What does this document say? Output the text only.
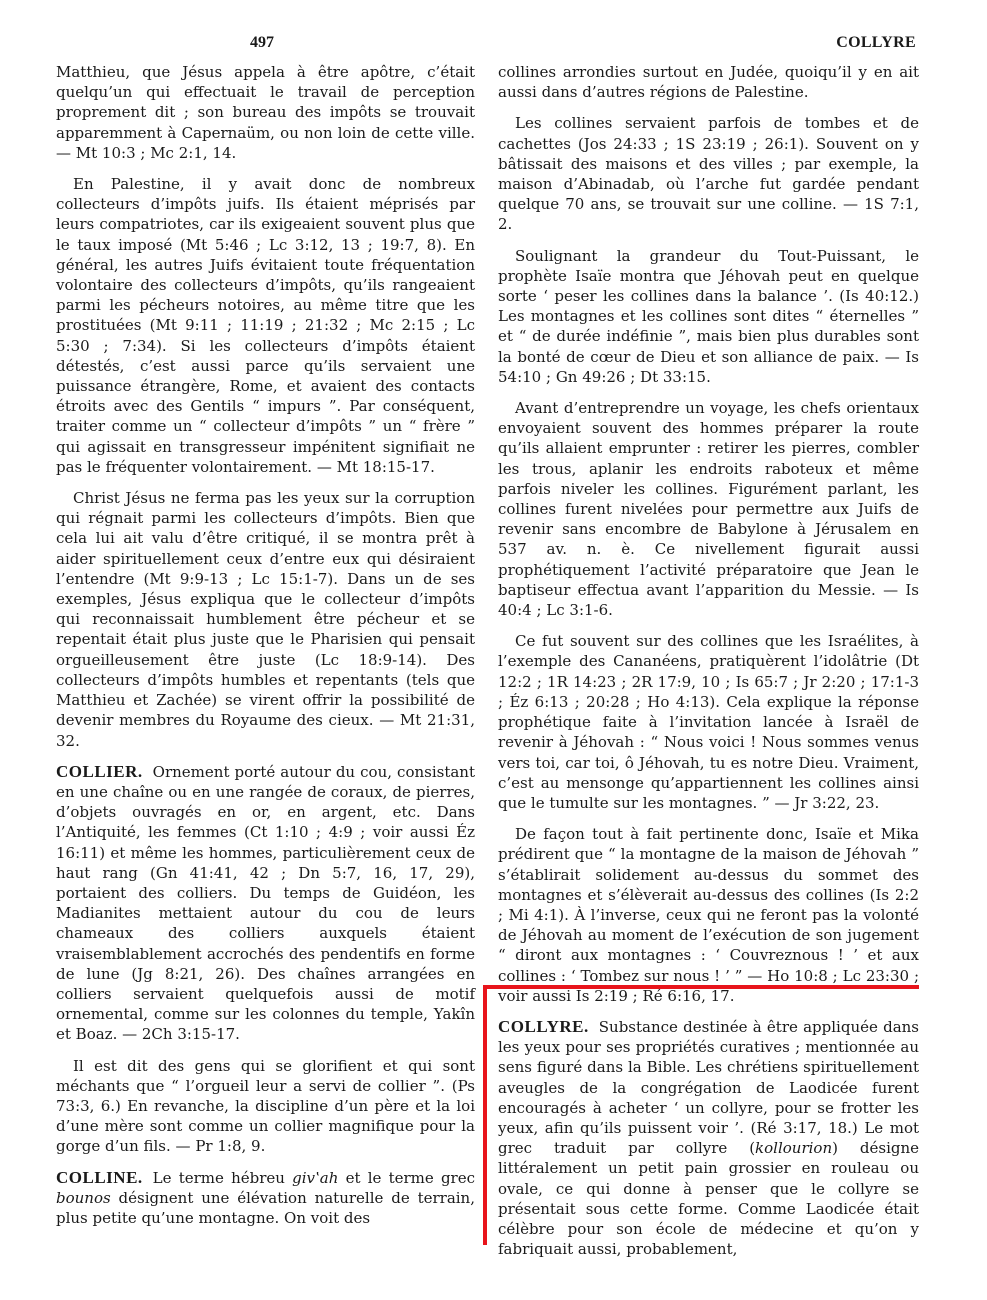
497	COLLYRE

Matthieu, que Jésus appela à être apôtre, c’était quelqu’un qui effectuait le travail de perception proprement dit ; son bureau des impôts se trouvait apparemment à Capernaüm, ou non loin de cette ville. — Mt 10:3 ; Mc 2:1, 14.

En Palestine, il y avait donc de nombreux collecteurs d’impôts juifs. Ils étaient méprisés par leurs compatriotes, car ils exigeaient souvent plus que le taux imposé (Mt 5:46 ; Lc 3:12, 13 ; 19:7, 8). En général, les autres Juifs évitaient toute fréquentation volontaire des collecteurs d’impôts, qu’ils rangeaient parmi les pécheurs notoires, au même titre que les prostituées (Mt 9:11 ; 11:19 ; 21:32 ; Mc 2:15 ; Lc 5:30 ; 7:34). Si les collecteurs d’impôts étaient détestés, c’est aussi parce qu’ils servaient une puissance étrangère, Rome, et avaient des contacts étroits avec des Gentils “ impurs ”. Par conséquent, traiter comme un “ collecteur d’impôts ” un “ frère ” qui agissait en transgresseur impénitent signifiait ne pas le fréquenter volontairement. — Mt 18:15-17.

Christ Jésus ne ferma pas les yeux sur la corruption qui régnait parmi les collecteurs d’impôts. Bien que cela lui ait valu d’être critiqué, il se montra prêt à aider spirituellement ceux d’entre eux qui désiraient l’entendre (Mt 9:9-13 ; Lc 15:1-7). Dans un de ses exemples, Jésus expliqua que le collecteur d’impôts qui reconnaissait humblement être pécheur et se repentait était plus juste que le Pharisien qui pensait orgueilleusement être juste (Lc 18:9-14). Des collecteurs d’impôts humbles et repentants (tels que Matthieu et Zachée) se virent offrir la possibilité de devenir membres du Royaume des cieux. — Mt 21:31, 32.

COLLIER. Ornement porté autour du cou, consistant en une chaîne ou en une rangée de coraux, de pierres, d’objets ouvragés en or, en argent, etc. Dans l’Antiquité, les femmes (Ct 1:10 ; 4:9 ; voir aussi Éz 16:11) et même les hommes, particulièrement ceux de haut rang (Gn 41:41, 42 ; Dn 5:7, 16, 17, 29), portaient des colliers. Du temps de Guidéon, les Madianites mettaient autour du cou de leurs chameaux des colliers auxquels étaient vraisemblablement accrochés des pendentifs en forme de lune (Jg 8:21, 26). Des chaînes arrangées en colliers servaient quelquefois aussi de motif ornemental, comme sur les colonnes du temple, Yakîn et Boaz. — 2Ch 3:15-17.

Il est dit des gens qui se glorifient et qui sont méchants que “ l’orgueil leur a servi de collier ”. (Ps 73:3, 6.) En revanche, la discipline d’un père et la loi d’une mère sont comme un collier magnifique pour la gorge d’un fils. — Pr 1:8, 9.

COLLINE. Le terme hébreu givʽah et le terme grec bounos désignent une élévation naturelle de terrain, plus petite qu’une montagne. On voit des

collines arrondies surtout en Judée, quoiqu’il y en ait aussi dans d’autres régions de Palestine.

Les collines servaient parfois de tombes et de cachettes (Jos 24:33 ; 1S 23:19 ; 26:1). Souvent on y bâtissait des maisons et des villes ; par exemple, la maison d’Abinadab, où l’arche fut gardée pendant quelque 70 ans, se trouvait sur une colline. — 1S 7:1, 2.

Soulignant la grandeur du Tout-Puissant, le prophète Isaïe montra que Jéhovah peut en quelque sorte ‘ peser les collines dans la balance ’. (Is 40:12.) Les montagnes et les collines sont dites “ éternelles ” et “ de durée indéfinie ”, mais bien plus durables sont la bonté de cœur de Dieu et son alliance de paix. — Is 54:10 ; Gn 49:26 ; Dt 33:15.

Avant d’entreprendre un voyage, les chefs orientaux envoyaient souvent des hommes préparer la route qu’ils allaient emprunter : retirer les pierres, combler les trous, aplanir les endroits raboteux et même parfois niveler les collines. Figurément parlant, les collines furent nivelées pour permettre aux Juifs de revenir sans encombre de Babylone à Jérusalem en 537 av. n. è. Ce nivellement figurait aussi prophétiquement l’activité préparatoire que Jean le baptiseur effectua avant l’apparition du Messie. — Is 40:4 ; Lc 3:1-6.

Ce fut souvent sur des collines que les Israélites, à l’exemple des Cananéens, pratiquèrent l’idolâtrie (Dt 12:2 ; 1R 14:23 ; 2R 17:9, 10 ; Is 65:7 ; Jr 2:20 ; 17:1-3 ; Éz 6:13 ; 20:28 ; Ho 4:13). Cela explique la réponse prophétique faite à l’invitation lancée à Israël de revenir à Jéhovah : “ Nous voici ! Nous sommes venus vers toi, car toi, ô Jéhovah, tu es notre Dieu. Vraiment, c’est au mensonge qu’appartiennent les collines ainsi que le tumulte sur les montagnes. ” — Jr 3:22, 23.

De façon tout à fait pertinente donc, Isaïe et Mika prédirent que “ la montagne de la maison de Jéhovah ” s’établirait solidement au-dessus du sommet des montagnes et s’élèverait au-dessus des collines (Is 2:2 ; Mi 4:1). À l’inverse, ceux qui ne feront pas la volonté de Jéhovah au moment de l’exécution de son jugement “ diront aux montagnes : ‘ Couvreznous ! ’ et aux collines : ‘ Tombez sur nous ! ’ ” — Ho 10:8 ; Lc 23:30 ; voir aussi Is 2:19 ; Ré 6:16, 17.

COLLYRE. Substance destinée à être appliquée dans les yeux pour ses propriétés curatives ; mentionnée au sens figuré dans la Bible. Les chrétiens spirituellement aveugles de la congrégation de Laodicée furent encouragés à acheter ‘ un collyre, pour se frotter les yeux, afin qu’ils puissent voir ’. (Ré 3:17, 18.) Le mot grec traduit par collyre (kollourion) désigne littéralement un petit pain grossier en rouleau ou ovale, ce qui donne à penser que le collyre se présentait sous cette forme. Comme Laodicée était célèbre pour son école de médecine et qu’on y fabriquait aussi, probablement,
